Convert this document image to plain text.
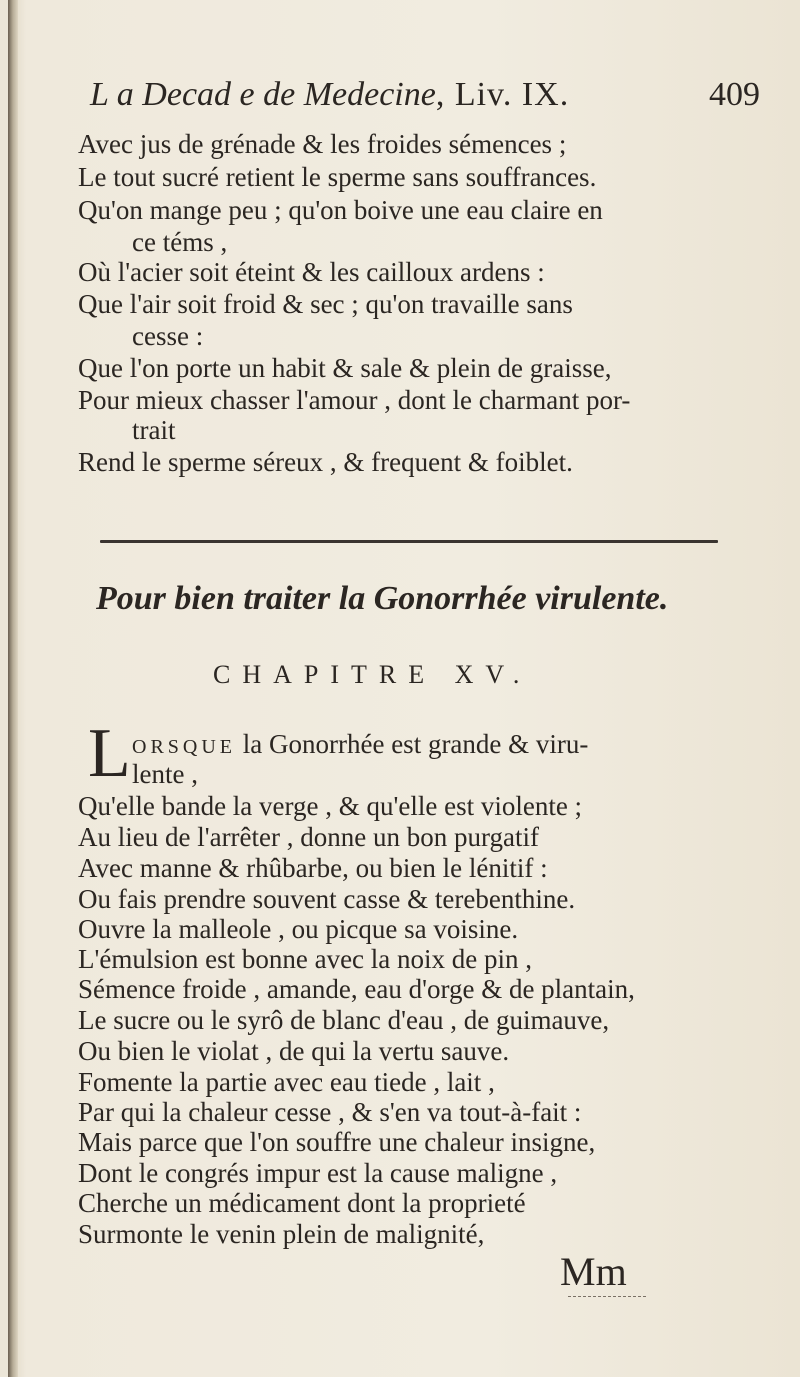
L a Decad e de Medecine, Liv. IX.	409
Avec jus de grénade & les froides sémences ;
Le tout sucré retient le sperme sans souffrances.
Qu'on mange peu ; qu'on boive une eau claire en
ce téms ,
Où l'acier soit éteint & les cailloux ardens :
Que l'air soit froid & sec ; qu'on travaille sans
cesse :
Que l'on porte un habit & sale & plein de graisse,
Pour mieux chasser l'amour , dont le charmant por-
trait
Rend le sperme séreux , & frequent & foiblet.
Pour bien traiter la Gonorrhée virulente.
CHAPITRE XV.
L ORSQUE la Gonorrhée est grande & viru-
lente ,
Qu'elle bande la verge , & qu'elle est violente ;
Au lieu de l'arrêter , donne un bon purgatif
Avec manne & rhûbarbe, ou bien le lénitif :
Ou fais prendre souvent casse & terebenthine.
Ouvre la malleole , ou picque sa voisine.
L'émulsion est bonne avec la noix de pin ,
Sémence froide , amande, eau d'orge & de plantain,
Le sucre ou le syrô de blanc d'eau , de guimauve,
Ou bien le violat , de qui la vertu sauve.
Fomente la partie avec eau tiede , lait ,
Par qui la chaleur cesse , & s'en va tout-à-fait :
Mais parce que l'on souffre une chaleur insigne,
Dont le congrés impur est la cause maligne ,
Cherche un médicament dont la proprieté
Surmonte le venin plein de malignité,
Mm
